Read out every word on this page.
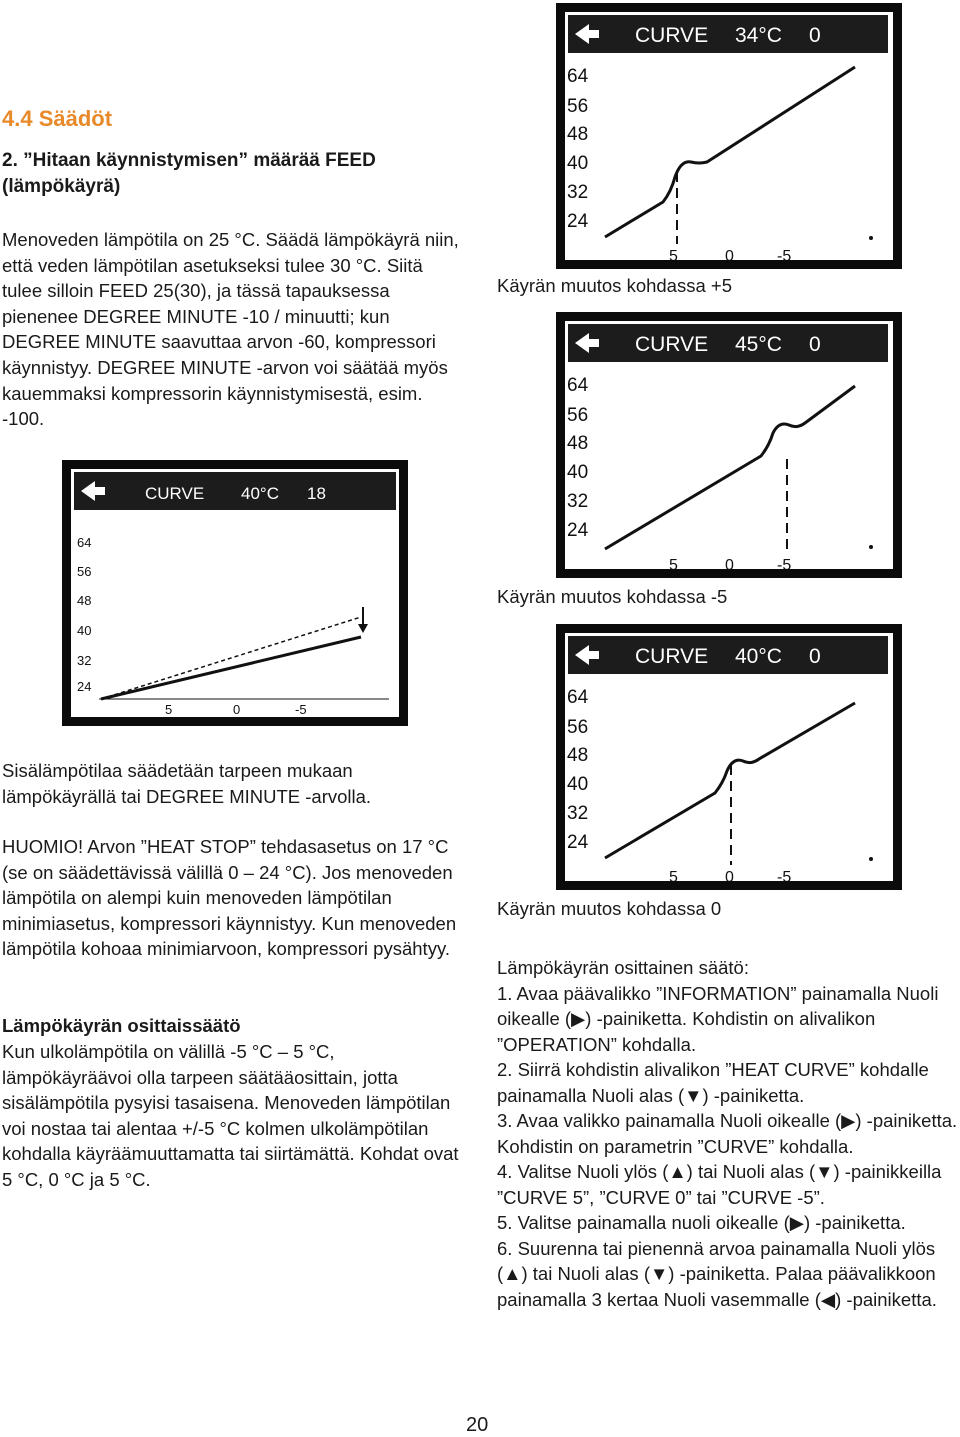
4.4 Säädöt
2. ”Hitaan käynnistymisen” määrää FEED (lämpökäyrä)

Menoveden lämpötila on 25 °C. Säädä lämpökäyrä niin, että veden lämpötilan asetukseksi tulee 30 °C. Siitä tulee silloin FEED 25(30), ja tässä tapauksessa pienenee DEGREE MINUTE -10 / minuutti; kun DEGREE MINUTE saavuttaa arvon -60, kompressori käynnistyy. DEGREE MINUTE -arvon voi säätää myös kauemmaksi kompressorin käynnistymisestä, esim. -100.

CURVE 40°C 18
64
56
48
40
32
24
5	0	-5

Sisälämpötilaa säädetään tarpeen mukaan lämpökäyrällä tai DEGREE MINUTE -arvolla.

HUOMIO! Arvon ”HEAT STOP” tehdasasetus on 17 °C (se on säädettävissä välillä 0 – 24 °C). Jos menoveden lämpötila on alempi kuin menoveden lämpötilan minimiasetus, kompressori käynnistyy. Kun menoveden lämpötila kohoaa minimiarvoon, kompressori pysähtyy.

Lämpökäyrän osittaissäätö

Kun ulkolämpötila on välillä -5 °C – 5 °C, lämpökäyräävoi olla tarpeen säätääosittain, jotta sisälämpötila pysyisi tasaisena. Menoveden lämpötilan voi nostaa tai alentaa +/-5 °C kolmen ulkolämpötilan kohdalla käyräämuuttamatta tai siirtämättä. Kohdat ovat 5 °C, 0 °C ja 5 °C.

CURVE 34°C 0
64
56
48
40
32
24
5	0	-5

Käyrän muutos kohdassa +5

CURVE 45°C 0
64
56
48
40
32
24
5	0	-5

Käyrän muutos kohdassa -5

CURVE 40°C 0
64
56
48
40
32
24
5	0	-5

Käyrän muutos kohdassa 0

Lämpökäyrän osittainen säätö:

1. Avaa päävalikko ”INFORMATION” painamalla Nuoli oikealle (▶) -painiketta. Kohdistin on alivalikon ”OPERATION” kohdalla.

2. Siirrä kohdistin alivalikon ”HEAT CURVE” kohdalle painamalla Nuoli alas (▼) -painiketta.

3. Avaa valikko painamalla Nuoli oikealle (▶) -painiketta. Kohdistin on parametrin ”CURVE” kohdalla.

4. Valitse Nuoli ylös (▲) tai Nuoli alas (▼) -painikkeilla ”CURVE 5”, ”CURVE 0” tai ”CURVE -5”.

5. Valitse painamalla nuoli oikealle (▶) -painiketta.

6. Suurenna tai pienennä arvoa painamalla Nuoli ylös (▲) tai Nuoli alas (▼) -painiketta. Palaa päävalikkoon painamalla 3 kertaa Nuoli vasemmalle (◀) -painiketta.

20
